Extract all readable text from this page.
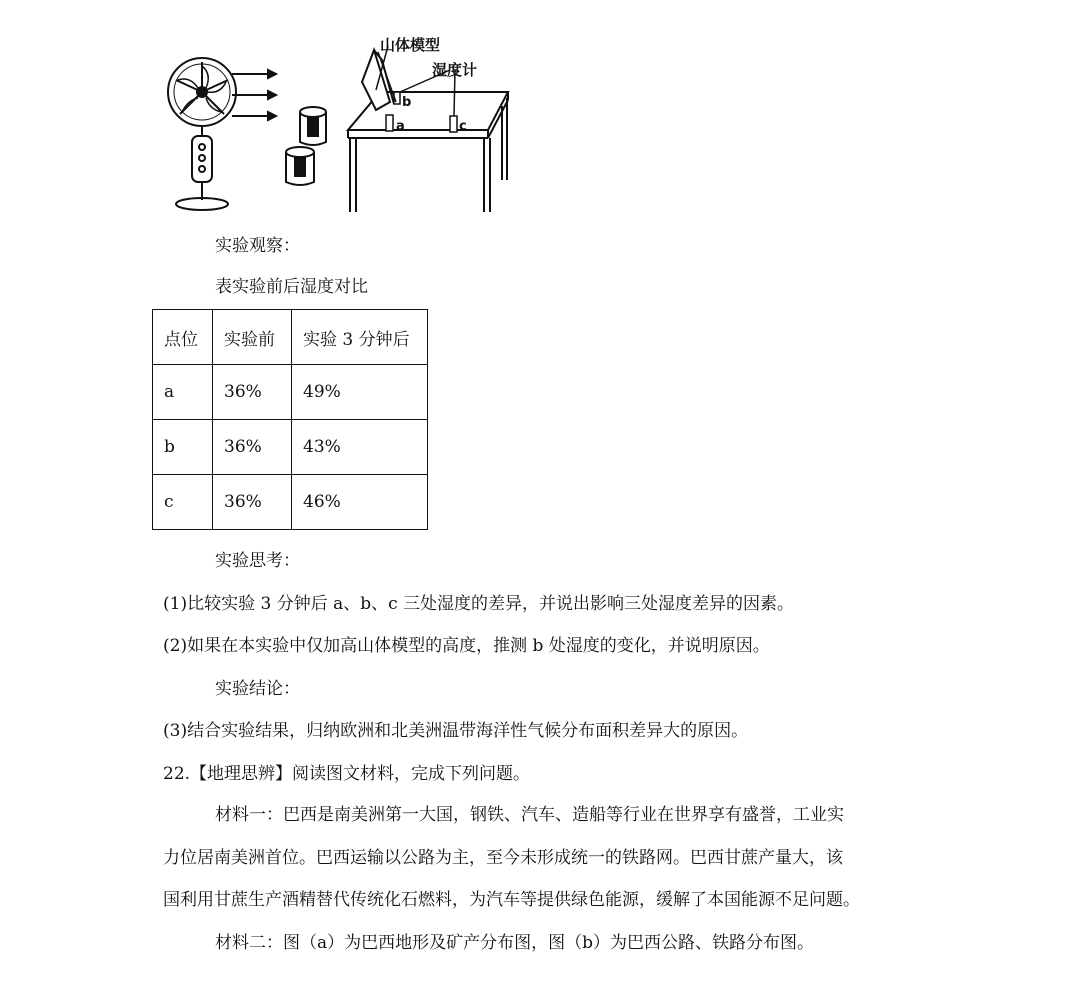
山体模型
湿度计
b
a	c
实验观察：
表实验前后湿度对比
点位	实验前	实验 3 分钟后
a	36%	49%
b	36%	43%
c	36%	46%
实验思考：
(1)比较实验 3 分钟后 a、b、c 三处湿度的差异，并说出影响三处湿度差异的因素。
(2)如果在本实验中仅加高山体模型的高度，推测 b 处湿度的变化，并说明原因。
实验结论：
(3)结合实验结果，归纳欧洲和北美洲温带海洋性气候分布面积差异大的原因。
22.【地理思辨】阅读图文材料，完成下列问题。
材料一：巴西是南美洲第一大国，钢铁、汽车、造船等行业在世界享有盛誉，工业实
力位居南美洲首位。巴西运输以公路为主，至今未形成统一的铁路网。巴西甘蔗产量大，该
国利用甘蔗生产酒精替代传统化石燃料，为汽车等提供绿色能源，缓解了本国能源不足问题。
材料二：图（a）为巴西地形及矿产分布图，图（b）为巴西公路、铁路分布图。
